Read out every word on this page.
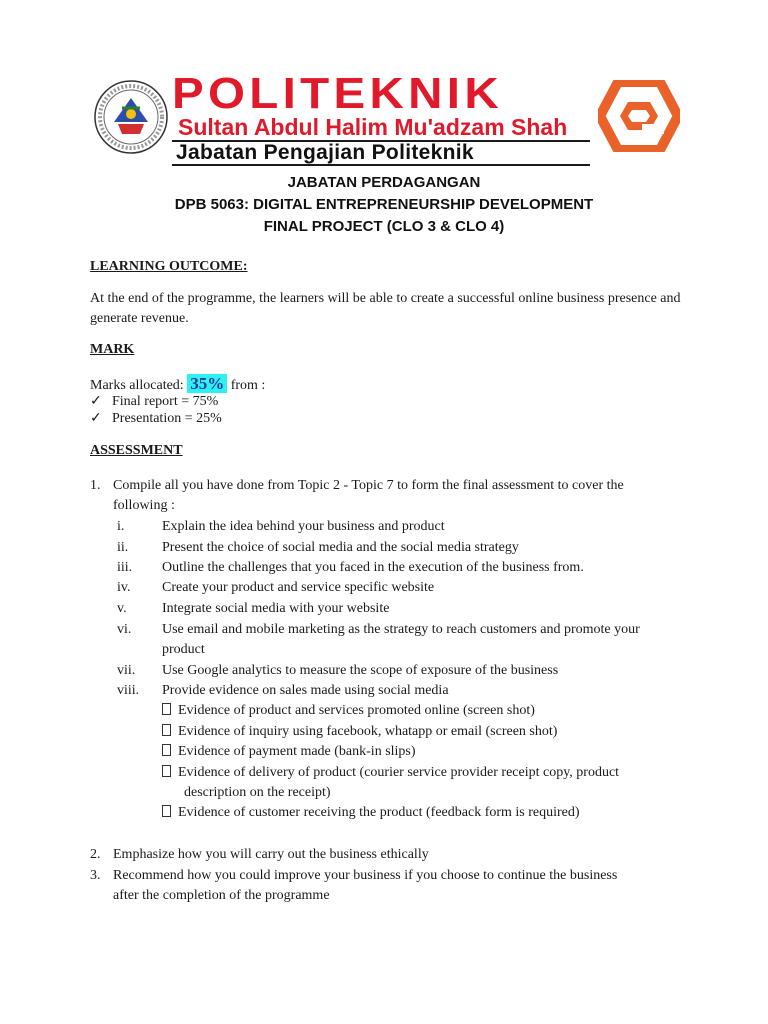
POLITEKNIK
Sultan Abdul Halim Mu'adzam Shah
Jabatan Pengajian Politeknik
JABATAN PERDAGANGAN
DPB 5063: DIGITAL ENTREPRENEURSHIP DEVELOPMENT
FINAL PROJECT (CLO 3 & CLO 4)
LEARNING OUTCOME:
At the end of the programme, the learners will be able to create a successful online business presence and generate revenue.
MARK
Marks allocated: 35% from :
✓ Final report = 75%
✓ Presentation = 25%
ASSESSMENT
1. Compile all you have done from Topic 2 - Topic 7 to form the final assessment to cover the
following :
i.	Explain the idea behind your business and product
ii. Present the choice of social media and the social media strategy
iii. Outline the challenges that you faced in the execution of the business from.
iv. Create your product and service specific website
v.	Integrate social media with your website
vi. Use email and mobile marketing as the strategy to reach customers and promote your
product
vii. Use Google analytics to measure the scope of exposure of the business
viii. Provide evidence on sales made using social media
Evidence of product and services promoted online (screen shot)
Evidence of inquiry using facebook, whatapp or email (screen shot)
Evidence of payment made (bank-in slips)
Evidence of delivery of product (courier service provider receipt copy, product
description on the receipt)
Evidence of customer receiving the product (feedback form is required)
2. Emphasize how you will carry out the business ethically
3. Recommend how you could improve your business if you choose to continue the business
after the completion of the programme
